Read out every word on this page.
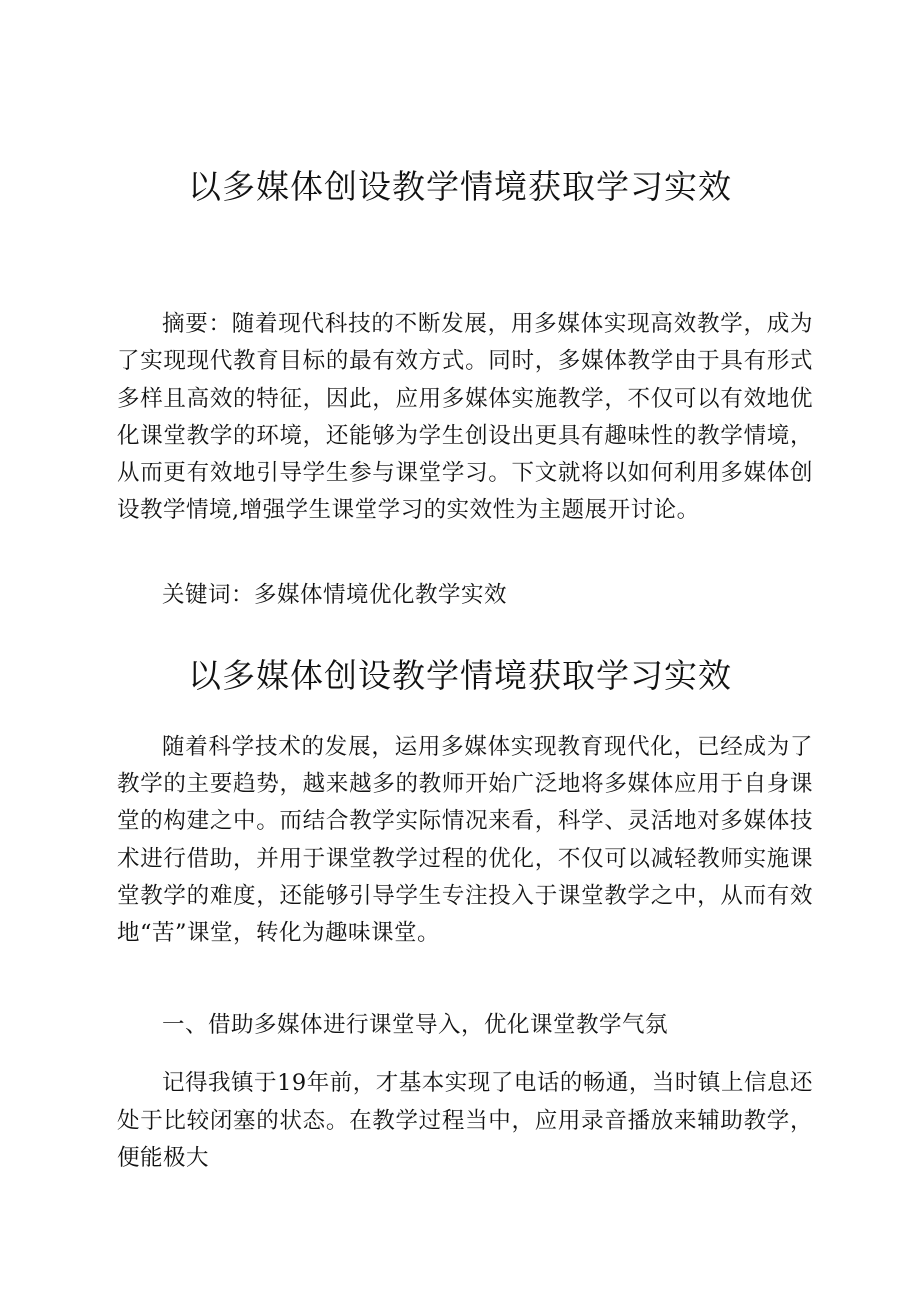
以多媒体创设教学情境获取学习实效

摘要：随着现代科技的不断发展，用多媒体实现高效教学，成为了实现现代教育目标的最有效方式。同时，多媒体教学由于具有形式多样且高效的特征，因此，应用多媒体实施教学，不仅可以有效地优化课堂教学的环境，还能够为学生创设出更具有趣味性的教学情境，从而更有效地引导学生参与课堂学习。下文就将以如何利用多媒体创设教学情境,增强学生课堂学习的实效性为主题展开讨论。

关键词：多媒体情境优化教学实效

以多媒体创设教学情境获取学习实效

随着科学技术的发展，运用多媒体实现教育现代化，已经成为了教学的主要趋势，越来越多的教师开始广泛地将多媒体应用于自身课堂的构建之中。而结合教学实际情况来看，科学、灵活地对多媒体技术进行借助，并用于课堂教学过程的优化，不仅可以减轻教师实施课堂教学的难度，还能够引导学生专注投入于课堂教学之中，从而有效地“苦”课堂，转化为趣味课堂。

一、借助多媒体进行课堂导入，优化课堂教学气氛

记得我镇于19年前，才基本实现了电话的畅通，当时镇上信息还处于比较闭塞的状态。在教学过程当中，应用录音播放来辅助教学，便能极大
